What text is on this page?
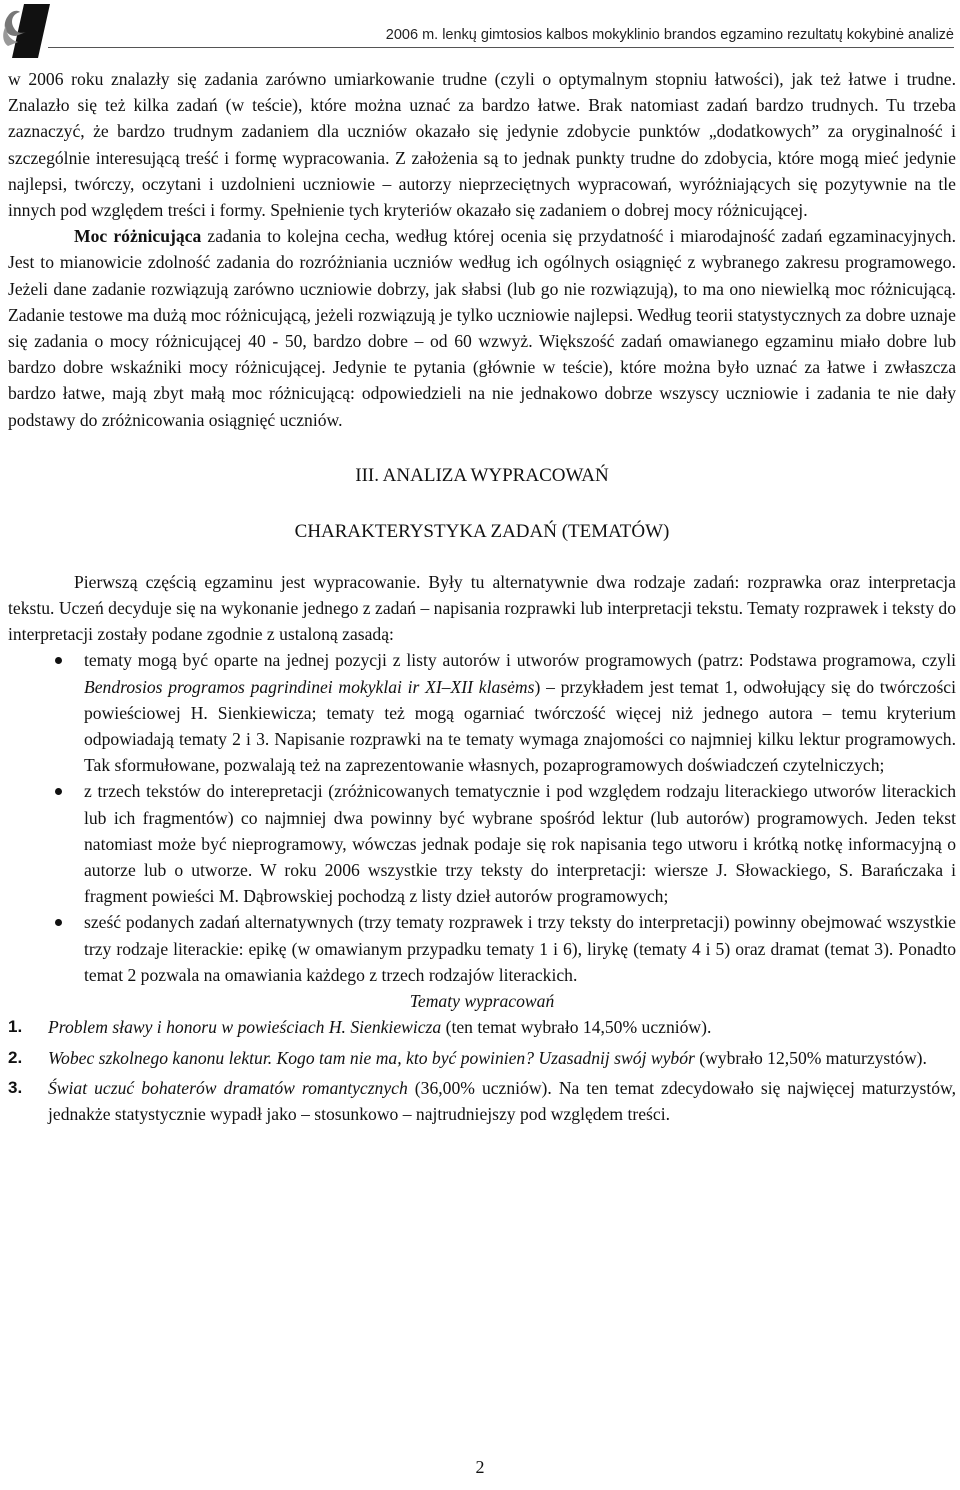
2006 m. lenkų gimtosios kalbos mokyklinio brandos egzamino rezultatų kokybinė analizė

w 2006 roku znalazły się zadania zarówno umiarkowanie trudne (czyli o optymalnym stopniu łatwości), jak też łatwe i trudne. Znalazło się też kilka zadań (w teście), które można uznać za bardzo łatwe. Brak natomiast zadań bardzo trudnych. Tu trzeba zaznaczyć, że bardzo trudnym zadaniem dla uczniów okazało się jedynie zdobycie punktów „dodatkowych” za oryginalność i szczególnie interesującą treść i formę wypracowania. Z założenia są to jednak punkty trudne do zdobycia, które mogą mieć jedynie najlepsi, twórczy, oczytani i uzdolnieni uczniowie – autorzy nieprzeciętnych wypracowań, wyróżniających się pozytywnie na tle innych pod względem treści i formy. Spełnienie tych kryteriów okazało się zadaniem o dobrej mocy różnicującej.

Moc różnicująca zadania to kolejna cecha, według której ocenia się przydatność i miarodajność zadań egzaminacyjnych. Jest to mianowicie zdolność zadania do rozróżniania uczniów według ich ogólnych osiągnięć z wybranego zakresu programowego. Jeżeli dane zadanie rozwiązują zarówno uczniowie dobrzy, jak słabsi (lub go nie rozwiązują), to ma ono niewielką moc różnicującą. Zadanie testowe ma dużą moc różnicującą, jeżeli rozwiązują je tylko uczniowie najlepsi. Według teorii statystycznych za dobre uznaje się zadania o mocy różnicującej 40 - 50, bardzo dobre – od 60 wzwyż. Większość zadań omawianego egzaminu miało dobre lub bardzo dobre wskaźniki mocy różnicującej. Jedynie te pytania (głównie w teście), które można było uznać za łatwe i zwłaszcza bardzo łatwe, mają zbyt małą moc różnicującą: odpowiedzieli na nie jednakowo dobrze wszyscy uczniowie i zadania te nie dały podstawy do zróżnicowania osiągnięć uczniów.

III. ANALIZA WYPRACOWAŃ
CHARAKTERYSTYKA ZADAŃ (TEMATÓW)

Pierwszą częścią egzaminu jest wypracowanie. Były tu alternatywnie dwa rodzaje zadań: rozprawka oraz interpretacja tekstu. Uczeń decyduje się na wykonanie jednego z zadań – napisania rozprawki lub interpretacji tekstu. Tematy rozprawek i teksty do interpretacji zostały podane zgodnie z ustaloną zasadą:

tematy mogą być oparte na jednej pozycji z listy autorów i utworów programowych (patrz: Podstawa programowa, czyli Bendrosios programos pagrindinei mokyklai ir XI–XII klasėms) – przykładem jest temat 1, odwołujący się do twórczości powieściowej H. Sienkiewicza; tematy też mogą ogarniać twórczość więcej niż jednego autora – temu kryterium odpowiadają tematy 2 i 3. Napisanie rozprawki na te tematy wymaga znajomości co najmniej kilku lektur programowych. Tak sformułowane, pozwalają też na zaprezentowanie własnych, pozaprogramowych doświadczeń czytelniczych;
z trzech tekstów do interepretacji (zróżnicowanych tematycznie i pod względem rodzaju literackiego utworów literackich lub ich fragmentów) co najmniej dwa powinny być wybrane spośród lektur (lub autorów) programowych. Jeden tekst natomiast może być nieprogramowy, wówczas jednak podaje się rok napisania tego utworu i krótką notkę informacyjną o autorze lub o utworze. W roku 2006 wszystkie trzy teksty do interpretacji: wiersze J. Słowackiego, S. Barańczaka i fragment powieści M. Dąbrowskiej pochodzą z listy dzieł autorów programowych;
sześć podanych zadań alternatywnych (trzy tematy rozprawek i trzy teksty do interpretacji) powinny obejmować wszystkie trzy rodzaje literackie: epikę (w omawianym przypadku tematy 1 i 6), lirykę (tematy 4 i 5) oraz dramat (temat 3). Ponadto temat 2 pozwala na omawiania każdego z trzech rodzajów literackich.
Tematy wypracowań
1. Problem sławy i honoru w powieściach H. Sienkiewicza (ten temat wybrało 14,50% uczniów).
2. Wobec szkolnego kanonu lektur. Kogo tam nie ma, kto być powinien? Uzasadnij swój wybór (wybrało 12,50% maturzystów).
3. Świat uczuć bohaterów dramatów romantycznych (36,00% uczniów). Na ten temat zdecydowało się najwięcej maturzystów, jednakże statystycznie wypadł jako – stosunkowo – najtrudniejszy pod względem treści.
2
